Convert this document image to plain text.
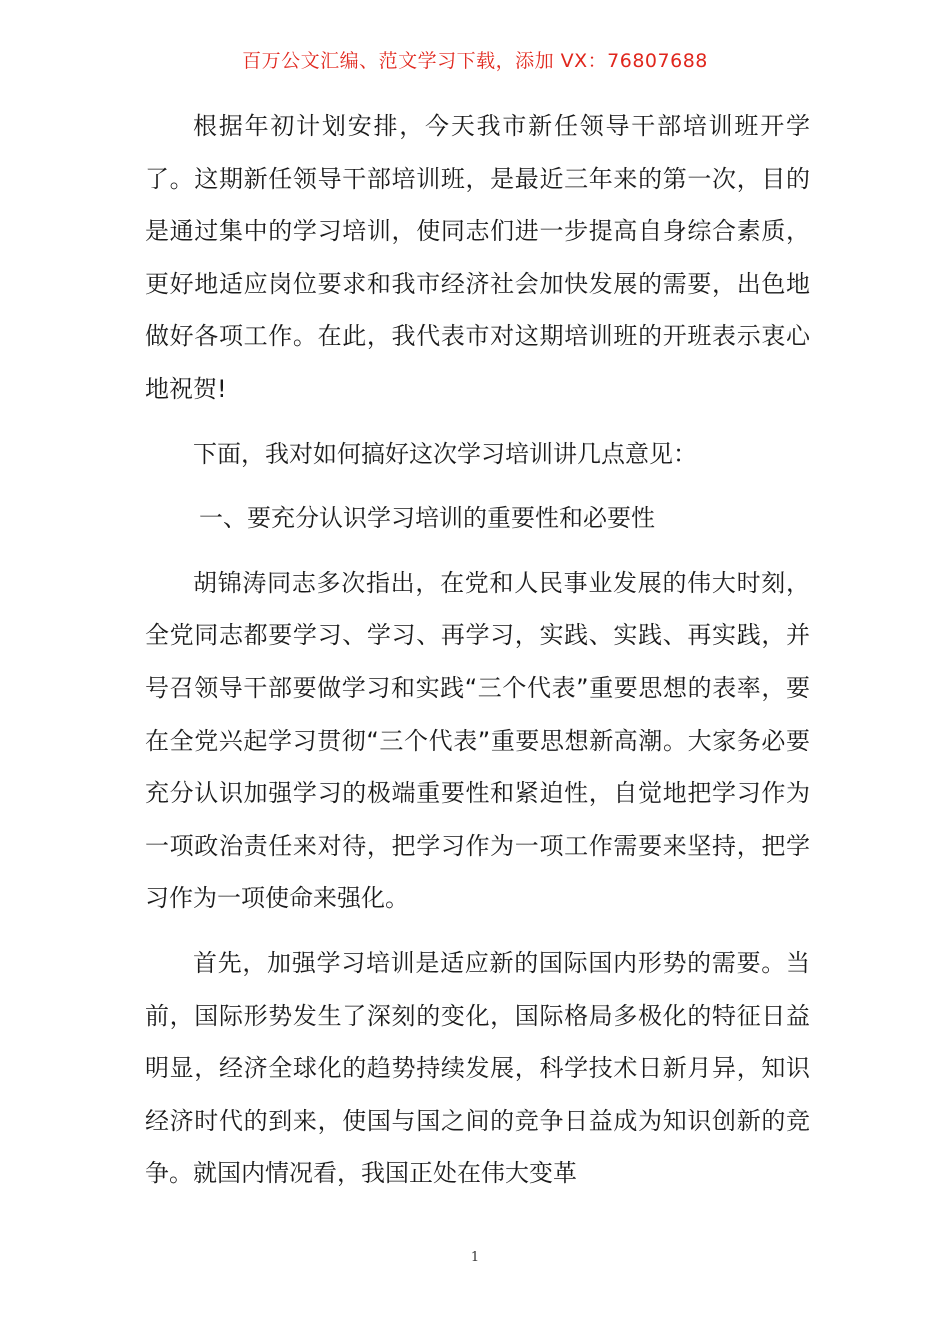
百万公文汇编、范文学习下载，添加 VX：76807688

根据年初计划安排，今天我市新任领导干部培训班开学了。这期新任领导干部培训班，是最近三年来的第一次，目的是通过集中的学习培训，使同志们进一步提高自身综合素质，更好地适应岗位要求和我市经济社会加快发展的需要，出色地做好各项工作。在此，我代表市对这期培训班的开班表示衷心地祝贺!

下面，我对如何搞好这次学习培训讲几点意见：

一、要充分认识学习培训的重要性和必要性

胡锦涛同志多次指出，在党和人民事业发展的伟大时刻，全党同志都要学习、学习、再学习，实践、实践、再实践，并号召领导干部要做学习和实践“三个代表”重要思想的表率，要在全党兴起学习贯彻“三个代表”重要思想新高潮。大家务必要充分认识加强学习的极端重要性和紧迫性，自觉地把学习作为一项政治责任来对待，把学习作为一项工作需要来坚持，把学习作为一项使命来强化。

首先，加强学习培训是适应新的国际国内形势的需要。当前，国际形势发生了深刻的变化，国际格局多极化的特征日益明显，经济全球化的趋势持续发展，科学技术日新月异，知识经济时代的到来，使国与国之间的竞争日益成为知识创新的竞争。就国内情况看，我国正处在伟大变革

1
